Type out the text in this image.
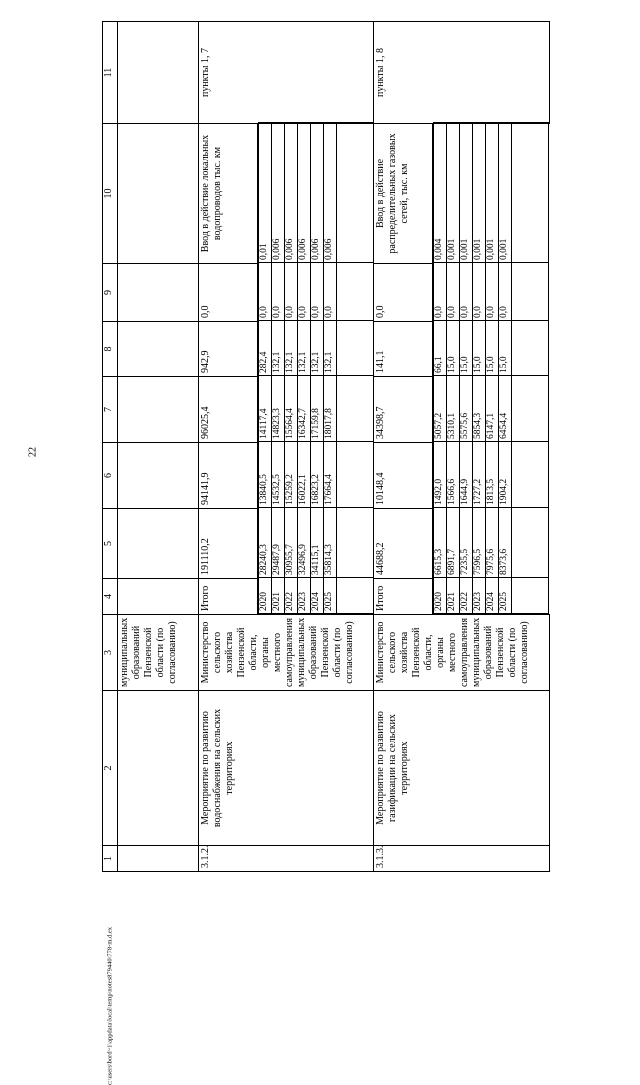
22
c:\users\bord~1\appdata\local\temp\notes879440\778-m.d.ex
1	2	3	4	5	6	7	8	9	10	11
		муниципальных образований Пензенской области (по согласованию)								
3.1.2.	Мероприятие по развитию водоснабжения на сельских территориях	Министерство сельского хозяйства Пензенской области, органы местного самоуправления муниципальных образований Пензенской области (по согласованию)	Итого	191110,2	94141,9	96025,4	942,9	0,0	Ввод в действие локальных водопроводов тыс. км	пункты 1, 7

2020	28240,3	13840,5	14117,4	282,4	0,0	0,01
2021	29487,9	14532,5	14823,3	132,1	0,0	0,006
2022	30955,7	15259,2	15564,4	132,1	0,0	0,006
2023	32496,9	16022,1	16342,7	132,1	0,0	0,006
2024	34115,1	16823,2	17159,8	132,1	0,0	0,006
2025	35814,3	17664,4	18017,8	132,1	0,0	0,006

3.1.3.	Мероприятие по развитию газификации на сельских территориях	Министерство сельского хозяйства Пензенской области, органы местного самоуправления муниципальных образований Пензенской области (по согласованию)	Итого	44688,2	10148,4	34398,7	141,1	0,0	Ввод в действие распределительных газовых сетей, тыс. км	пункты 1, 8

2020	6615,3	1492,0	5057,2	66,1	0,0	0,004
2021	6891,7	1566,6	5310,1	15,0	0,0	0,001
2022	7235,5	1644,9	5575,6	15,0	0,0	0,001
2023	7596,5	1727,2	5854,3	15,0	0,0	0,001
2024	7975,6	1813,5	6147,1	15,0	0,0	0,001
2025	8373,6	1904,2	6454,4	15,0	0,0	0,001
